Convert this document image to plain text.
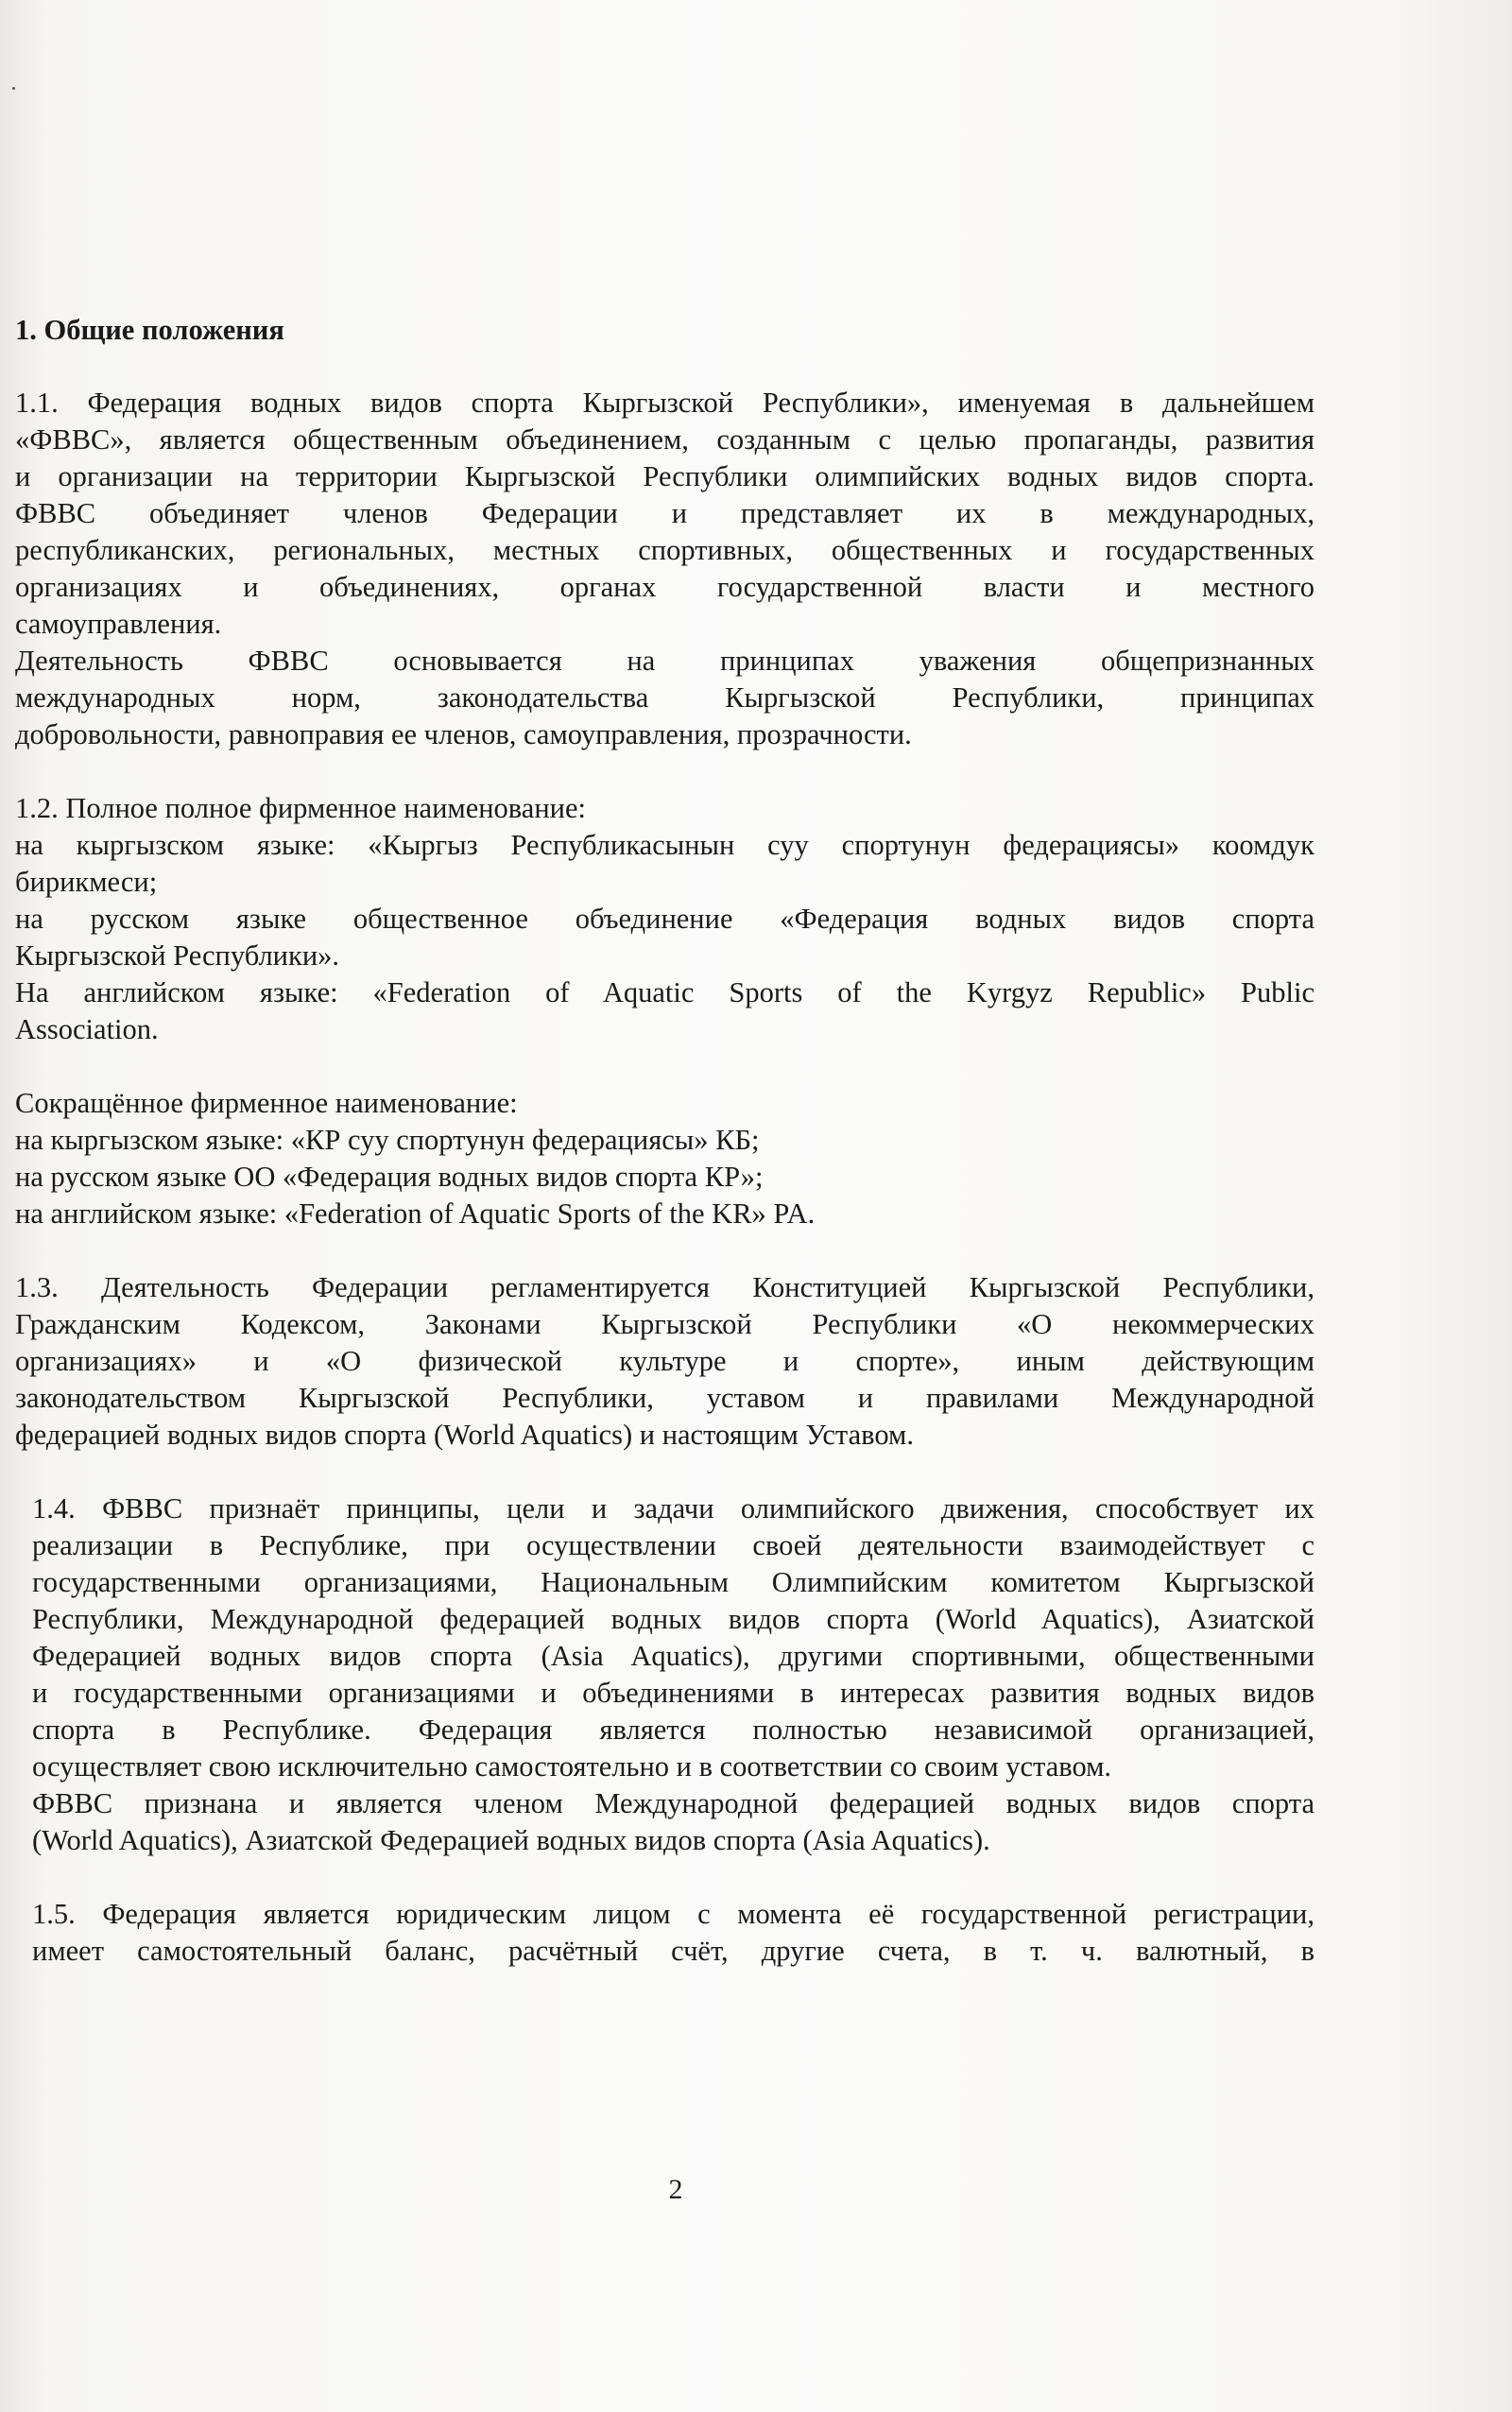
1. Общие положения
1.1. Федерация водных видов спорта Кыргызской Республики», именуемая в дальнейшем
«ФВВС», является общественным объединением, созданным с целью пропаганды, развития
и организации на территории Кыргызской Республики олимпийских водных видов спорта.
ФВВС объединяет членов Федерации и представляет их в международных,
республиканских, региональных, местных спортивных, общественных и государственных
организациях и объединениях, органах государственной власти и местного
самоуправления.
Деятельность ФВВС основывается на принципах уважения общепризнанных
международных норм, законодательства Кыргызской Республики, принципах
добровольности, равноправия ее членов, самоуправления, прозрачности.
1.2. Полное полное фирменное наименование:
на кыргызском языке: «Кыргыз Республикасынын суу спортунун федерациясы» коомдук
бирикмеси;
на русском языке общественное объединение «Федерация водных видов спорта
Кыргызской Республики».
На английском языке: «Federation of Aquatic Sports of the Kyrgyz Republic» Public
Association.
Сокращённое фирменное наименование:
на кыргызском языке: «КР суу спортунун федерациясы» КБ;
на русском языке ОО «Федерация водных видов спорта КР»;
на английском языке: «Federation of Aquatic Sports of the KR» PA.
1.3. Деятельность Федерации регламентируется Конституцией Кыргызской Республики,
Гражданским Кодексом, Законами Кыргызской Республики «О некоммерческих
организациях» и «О физической культуре и спорте», иным действующим
законодательством Кыргызской Республики, уставом и правилами Международной
федерацией водных видов спорта (World Aquatics) и настоящим Уставом.
1.4. ФВВС признаёт принципы, цели и задачи олимпийского движения, способствует их
реализации в Республике, при осуществлении своей деятельности взаимодействует с
государственными организациями, Национальным Олимпийским комитетом Кыргызской
Республики, Международной федерацией водных видов спорта (World Aquatics), Азиатской
Федерацией водных видов спорта (Asia Aquatics), другими спортивными, общественными
и государственными организациями и объединениями в интересах развития водных видов
спорта в Республике. Федерация является полностью независимой организацией,
осуществляет свою исключительно самостоятельно и в соответствии со своим уставом.
ФВВС признана и является членом Международной федерацией водных видов спорта
(World Aquatics), Азиатской Федерацией водных видов спорта (Asia Aquatics).
1.5. Федерация является юридическим лицом с момента её государственной регистрации,
имеет самостоятельный баланс, расчётный счёт, другие счета, в т. ч. валютный, в
2
